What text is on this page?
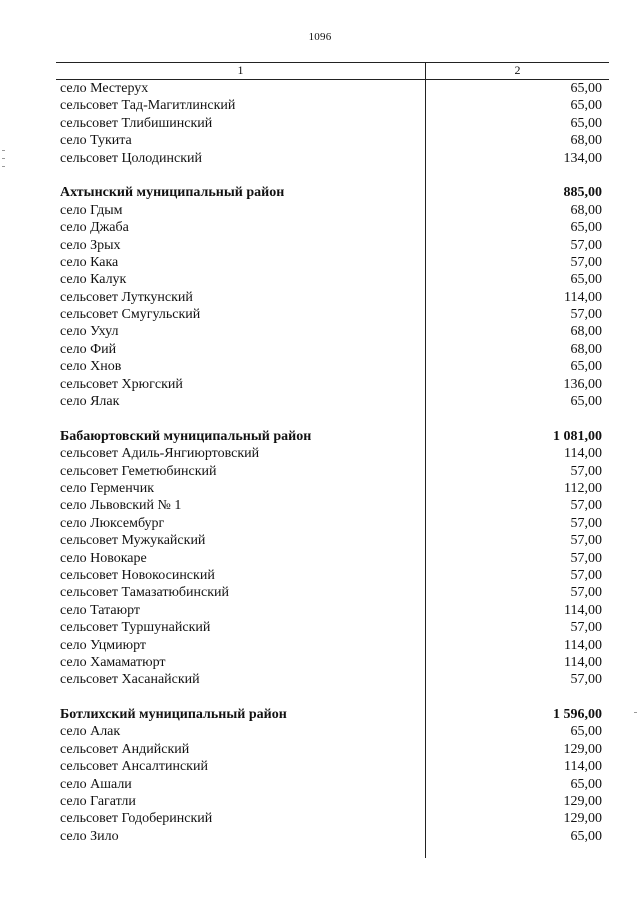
1096
1	2
село Местерух	65,00
сельсовет Тад-Магитлинский	65,00
сельсовет Тлибишинский	65,00
село Тукита	68,00
сельсовет Цолодинский	134,00
Ахтынский муниципальный район	885,00
село Гдым	68,00
село Джаба	65,00
село Зрых	57,00
село Кака	57,00
село Калук	65,00
сельсовет Луткунский	114,00
сельсовет Смугульский	57,00
село Ухул	68,00
село Фий	68,00
село Хнов	65,00
сельсовет Хрюгский	136,00
село Ялак	65,00
Бабаюртовский муниципальный район	1 081,00
сельсовет Адиль-Янгиюртовский	114,00
сельсовет Геметюбинский	57,00
село Герменчик	112,00
село Львовский № 1	57,00
село Люксембург	57,00
сельсовет Мужукайский	57,00
село Новокаре	57,00
сельсовет Новокосинский	57,00
сельсовет Тамазатюбинский	57,00
село Татаюрт	114,00
сельсовет Туршунайский	57,00
село Уцмиюрт	114,00
село Хамаматюрт	114,00
сельсовет Хасанайский	57,00
Ботлихский муниципальный район	1 596,00
село Алак	65,00
сельсовет Андийский	129,00
сельсовет Ансалтинский	114,00
село Ашали	65,00
село Гагатли	129,00
сельсовет Годоберинский	129,00
село Зило	65,00
